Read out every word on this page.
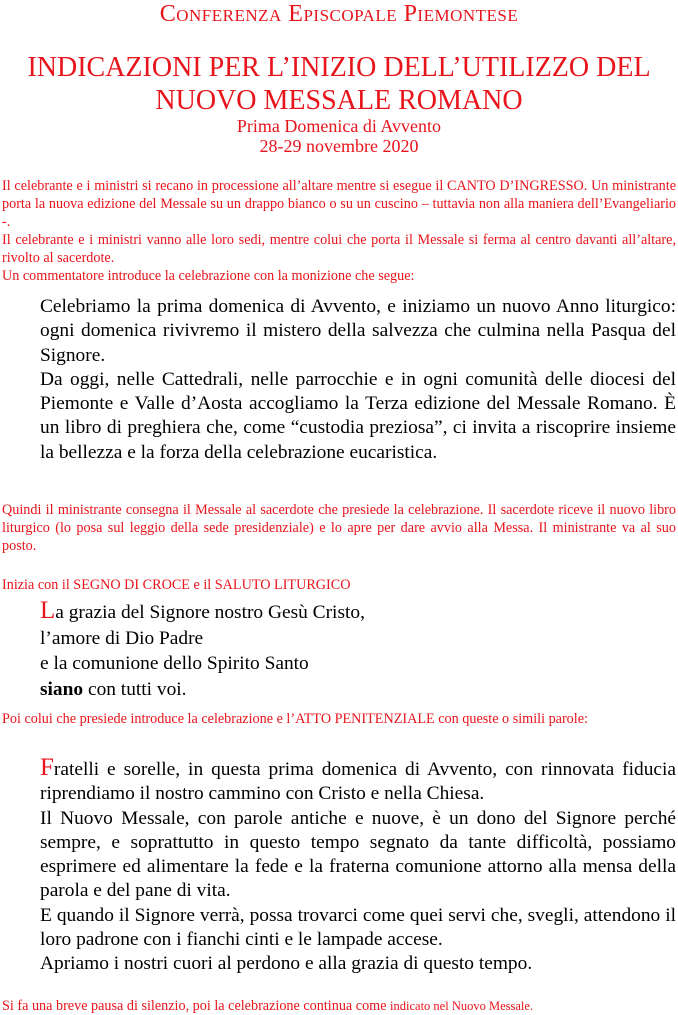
Conferenza Episcopale Piemontese
INDICAZIONI PER L’INIZIO DELL’UTILIZZO DEL
NUOVO MESSALE ROMANO
Prima Domenica di Avvento
28-29 novembre 2020
Il celebrante e i ministri si recano in processione all’altare mentre si esegue il CANTO D’INGRESSO. Un ministrante porta la nuova edizione del Messale su un drappo bianco o su un cuscino – tuttavia non alla maniera dell’Evangeliario -.
Il celebrante e i ministri vanno alle loro sedi, mentre colui che porta il Messale si ferma al centro davanti all’altare, rivolto al sacerdote.
Un commentatore introduce la celebrazione con la monizione che segue:
Celebriamo la prima domenica di Avvento, e iniziamo un nuovo Anno liturgico: ogni domenica rivivremo il mistero della salvezza che culmina nella Pasqua del Signore.
Da oggi, nelle Cattedrali, nelle parrocchie e in ogni comunità delle diocesi del Piemonte e Valle d’Aosta accogliamo la Terza edizione del Messale Romano. È un libro di preghiera che, come “custodia preziosa”, ci invita a riscoprire insieme la bellezza e la forza della celebrazione eucaristica.
Quindi il ministrante consegna il Messale al sacerdote che presiede la celebrazione. Il sacerdote riceve il nuovo libro liturgico (lo posa sul leggio della sede presidenziale) e lo apre per dare avvio alla Messa. Il ministrante va al suo posto.
Inizia con il SEGNO DI CROCE e il SALUTO LITURGICO
La grazia del Signore nostro Gesù Cristo,
l’amore di Dio Padre
e la comunione dello Spirito Santo
siano con tutti voi.
Poi colui che presiede introduce la celebrazione e l’ATTO PENITENZIALE con queste o simili parole:
Fratelli e sorelle, in questa prima domenica di Avvento, con rinnovata fiducia riprendiamo il nostro cammino con Cristo e nella Chiesa.
Il Nuovo Messale, con parole antiche e nuove, è un dono del Signore perché sempre, e soprattutto in questo tempo segnato da tante difficoltà, possiamo esprimere ed alimentare la fede e la fraterna comunione attorno alla mensa della parola e del pane di vita.
E quando il Signore verrà, possa trovarci come quei servi che, svegli, attendono il loro padrone con i fianchi cinti e le lampade accese.
Apriamo i nostri cuori al perdono e alla grazia di questo tempo.
Si fa una breve pausa di silenzio, poi la celebrazione continua come indicato nel Nuovo Messale.
